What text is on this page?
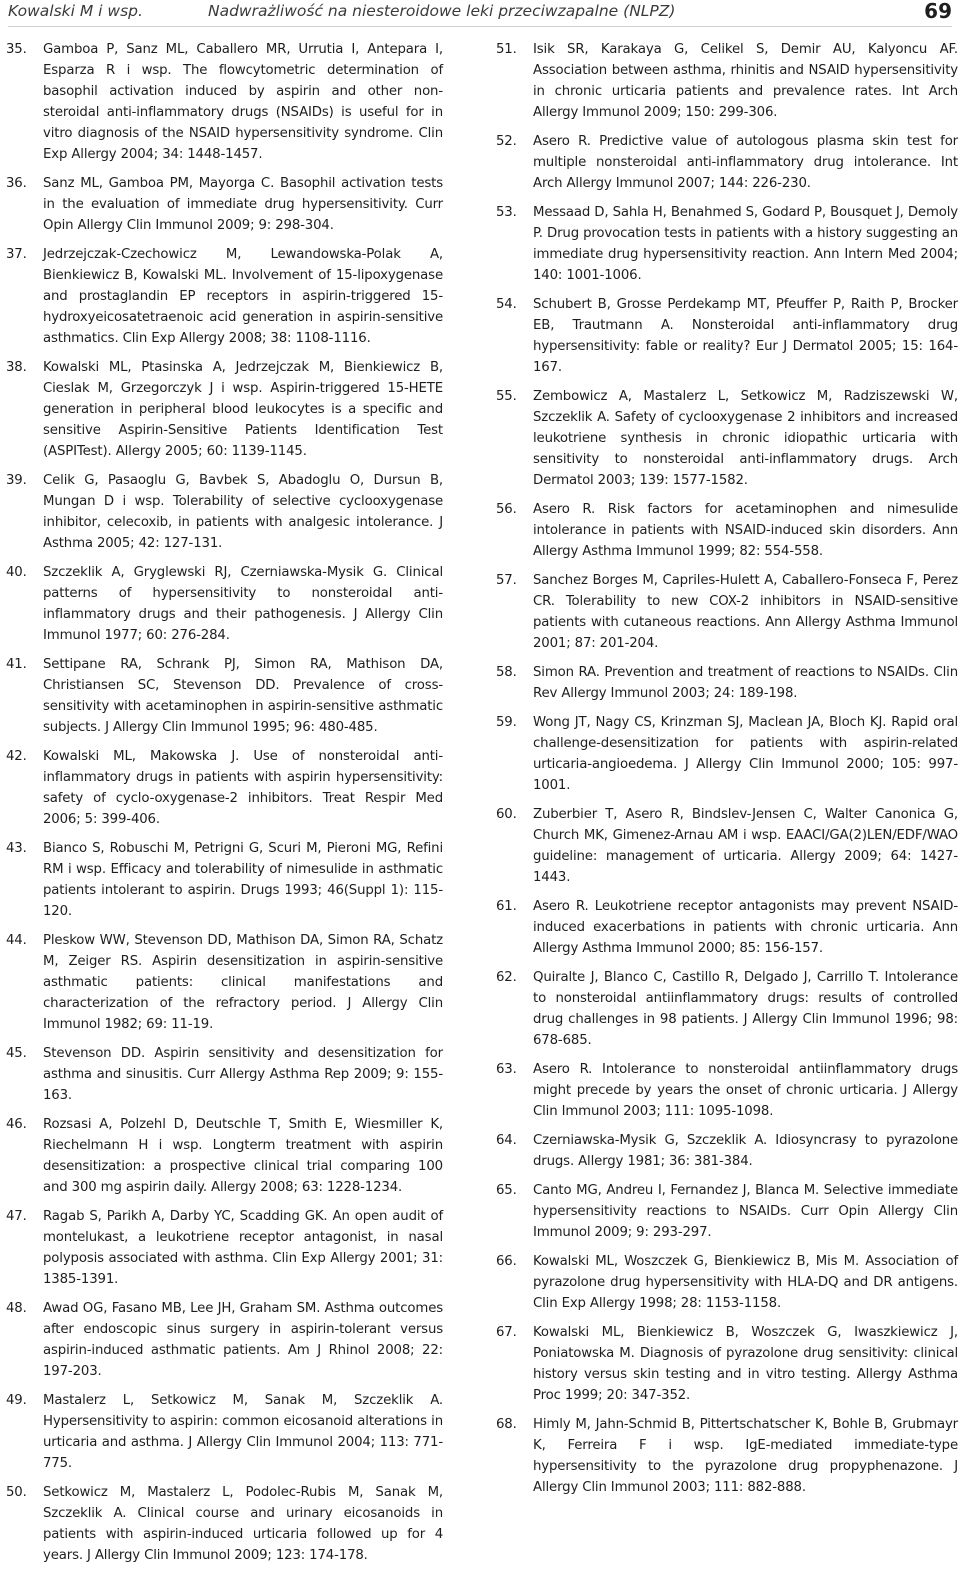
Kowalski M i wsp.	Nadwrażliwość na niesteroidowe leki przeciwzapalne (NLPZ)	69
35.	Gamboa P, Sanz ML, Caballero MR, Urrutia I, Antepara I, Esparza R i wsp. The flowcytometric determination of basophil activation induced by aspirin and other non-steroidal anti-inflammatory drugs (NSAIDs) is useful for in vitro diagnosis of the NSAID hypersensitivity syndrome. Clin Exp Allergy 2004; 34: 1448-1457.
36.	Sanz ML, Gamboa PM, Mayorga C. Basophil activation tests in the evaluation of immediate drug hypersensitivity. Curr Opin Allergy Clin Immunol 2009; 9: 298-304.
37.	Jedrzejczak-Czechowicz M, Lewandowska-Polak A, Bienkiewicz B, Kowalski ML. Involvement of 15-lipoxygenase and prostaglandin EP receptors in aspirin-triggered 15-hydroxyeicosatetraenoic acid generation in aspirin-sensitive asthmatics. Clin Exp Allergy 2008; 38: 1108-1116.
38.	Kowalski ML, Ptasinska A, Jedrzejczak M, Bienkiewicz B, Cieslak M, Grzegorczyk J i wsp. Aspirin-triggered 15-HETE generation in peripheral blood leukocytes is a specific and sensitive Aspirin-Sensitive Patients Identification Test (ASPITest). Allergy 2005; 60: 1139-1145.
39.	Celik G, Pasaoglu G, Bavbek S, Abadoglu O, Dursun B, Mungan D i wsp. Tolerability of selective cyclooxygenase inhibitor, celecoxib, in patients with analgesic intolerance. J Asthma 2005; 42: 127-131.
40.	Szczeklik A, Gryglewski RJ, Czerniawska-Mysik G. Clinical patterns of hypersensitivity to nonsteroidal anti-inflammatory drugs and their pathogenesis. J Allergy Clin Immunol 1977; 60: 276-284.
41.	Settipane RA, Schrank PJ, Simon RA, Mathison DA, Christiansen SC, Stevenson DD. Prevalence of cross-sensitivity with acetaminophen in aspirin-sensitive asthmatic subjects. J Allergy Clin Immunol 1995; 96: 480-485.
42.	Kowalski ML, Makowska J. Use of nonsteroidal anti-inflammatory drugs in patients with aspirin hypersensitivity: safety of cyclo-oxygenase-2 inhibitors. Treat Respir Med 2006; 5: 399-406.
43.	Bianco S, Robuschi M, Petrigni G, Scuri M, Pieroni MG, Refini RM i wsp. Efficacy and tolerability of nimesulide in asthmatic patients intolerant to aspirin. Drugs 1993; 46(Suppl 1): 115-120.
44.	Pleskow WW, Stevenson DD, Mathison DA, Simon RA, Schatz M, Zeiger RS. Aspirin desensitization in aspirin-sensitive asthmatic patients: clinical manifestations and characterization of the refractory period. J Allergy Clin Immunol 1982; 69: 11-19.
45.	Stevenson DD. Aspirin sensitivity and desensitization for asthma and sinusitis. Curr Allergy Asthma Rep 2009; 9: 155-163.
46.	Rozsasi A, Polzehl D, Deutschle T, Smith E, Wiesmiller K, Riechelmann H i wsp. Longterm treatment with aspirin desensitization: a prospective clinical trial comparing 100 and 300 mg aspirin daily. Allergy 2008; 63: 1228-1234.
47.	Ragab S, Parikh A, Darby YC, Scadding GK. An open audit of montelukast, a leukotriene receptor antagonist, in nasal polyposis associated with asthma. Clin Exp Allergy 2001; 31: 1385-1391.
48.	Awad OG, Fasano MB, Lee JH, Graham SM. Asthma outcomes after endoscopic sinus surgery in aspirin-tolerant versus aspirin-induced asthmatic patients. Am J Rhinol 2008; 22: 197-203.
49.	Mastalerz L, Setkowicz M, Sanak M, Szczeklik A. Hypersensitivity to aspirin: common eicosanoid alterations in urticaria and asthma. J Allergy Clin Immunol 2004; 113: 771-775.
50.	Setkowicz M, Mastalerz L, Podolec-Rubis M, Sanak M, Szczeklik A. Clinical course and urinary eicosanoids in patients with aspirin-induced urticaria followed up for 4 years. J Allergy Clin Immunol 2009; 123: 174-178.
51.	Isik SR, Karakaya G, Celikel S, Demir AU, Kalyoncu AF. Association between asthma, rhinitis and NSAID hypersensitivity in chronic urticaria patients and prevalence rates. Int Arch Allergy Immunol 2009; 150: 299-306.
52.	Asero R. Predictive value of autologous plasma skin test for multiple nonsteroidal anti-inflammatory drug intolerance. Int Arch Allergy Immunol 2007; 144: 226-230.
53.	Messaad D, Sahla H, Benahmed S, Godard P, Bousquet J, Demoly P. Drug provocation tests in patients with a history suggesting an immediate drug hypersensitivity reaction. Ann Intern Med 2004; 140: 1001-1006.
54.	Schubert B, Grosse Perdekamp MT, Pfeuffer P, Raith P, Brocker EB, Trautmann A. Nonsteroidal anti-inflammatory drug hypersensitivity: fable or reality? Eur J Dermatol 2005; 15: 164-167.
55.	Zembowicz A, Mastalerz L, Setkowicz M, Radziszewski W, Szczeklik A. Safety of cyclooxygenase 2 inhibitors and increased leukotriene synthesis in chronic idiopathic urticaria with sensitivity to nonsteroidal anti-inflammatory drugs. Arch Dermatol 2003; 139: 1577-1582.
56.	Asero R. Risk factors for acetaminophen and nimesulide intolerance in patients with NSAID-induced skin disorders. Ann Allergy Asthma Immunol 1999; 82: 554-558.
57.	Sanchez Borges M, Capriles-Hulett A, Caballero-Fonseca F, Perez CR. Tolerability to new COX-2 inhibitors in NSAID-sensitive patients with cutaneous reactions. Ann Allergy Asthma Immunol 2001; 87: 201-204.
58.	Simon RA. Prevention and treatment of reactions to NSAIDs. Clin Rev Allergy Immunol 2003; 24: 189-198.
59.	Wong JT, Nagy CS, Krinzman SJ, Maclean JA, Bloch KJ. Rapid oral challenge-desensitization for patients with aspirin-related urticaria-angioedema. J Allergy Clin Immunol 2000; 105: 997-1001.
60.	Zuberbier T, Asero R, Bindslev-Jensen C, Walter Canonica G, Church MK, Gimenez-Arnau AM i wsp. EAACI/GA(2)LEN/EDF/WAO guideline: management of urticaria. Allergy 2009; 64: 1427-1443.
61.	Asero R. Leukotriene receptor antagonists may prevent NSAID-induced exacerbations in patients with chronic urticaria. Ann Allergy Asthma Immunol 2000; 85: 156-157.
62.	Quiralte J, Blanco C, Castillo R, Delgado J, Carrillo T. Intolerance to nonsteroidal antiinflammatory drugs: results of controlled drug challenges in 98 patients. J Allergy Clin Immunol 1996; 98: 678-685.
63.	Asero R. Intolerance to nonsteroidal antiinflammatory drugs might precede by years the onset of chronic urticaria. J Allergy Clin Immunol 2003; 111: 1095-1098.
64.	Czerniawska-Mysik G, Szczeklik A. Idiosyncrasy to pyrazolone drugs. Allergy 1981; 36: 381-384.
65.	Canto MG, Andreu I, Fernandez J, Blanca M. Selective immediate hypersensitivity reactions to NSAIDs. Curr Opin Allergy Clin Immunol 2009; 9: 293-297.
66.	Kowalski ML, Woszczek G, Bienkiewicz B, Mis M. Association of pyrazolone drug hypersensitivity with HLA-DQ and DR antigens. Clin Exp Allergy 1998; 28: 1153-1158.
67.	Kowalski ML, Bienkiewicz B, Woszczek G, Iwaszkiewicz J, Poniatowska M. Diagnosis of pyrazolone drug sensitivity: clinical history versus skin testing and in vitro testing. Allergy Asthma Proc 1999; 20: 347-352.
68.	Himly M, Jahn-Schmid B, Pittertschatscher K, Bohle B, Grubmayr K, Ferreira F i wsp. IgE-mediated immediate-type hypersensitivity to the pyrazolone drug propyphenazone. J Allergy Clin Immunol 2003; 111: 882-888.
